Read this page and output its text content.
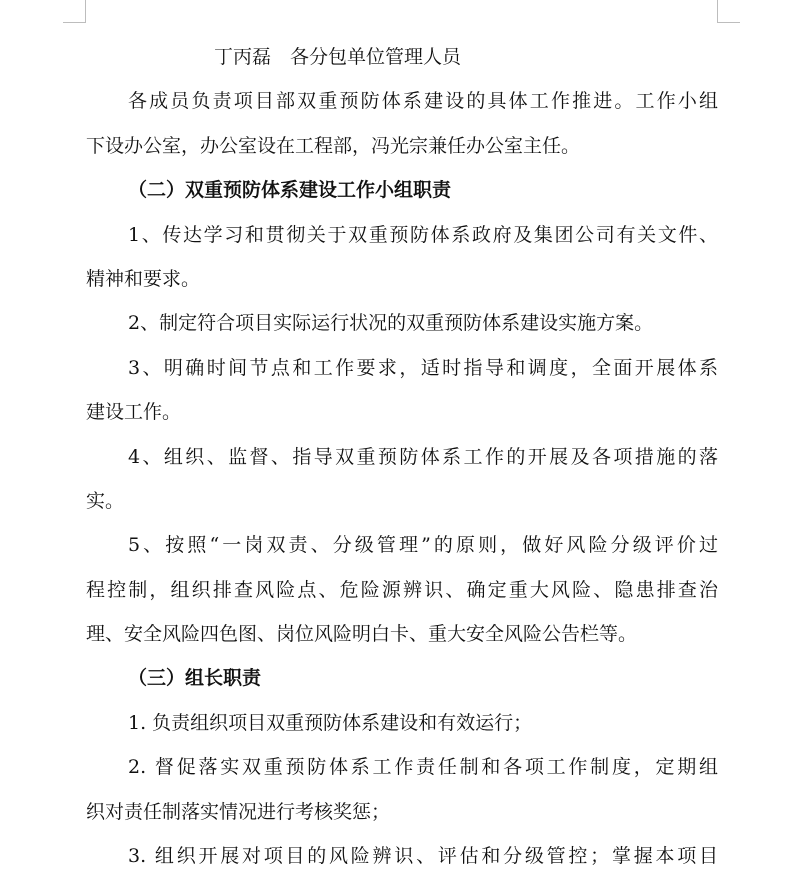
丁丙磊　各分包单位管理人员
各成员负责项目部双重预防体系建设的具体工作推进。工作小组
下设办公室，办公室设在工程部，冯光宗兼任办公室主任。
（二）双重预防体系建设工作小组职责
1、传达学习和贯彻关于双重预防体系政府及集团公司有关文件、
精神和要求。
2、制定符合项目实际运行状况的双重预防体系建设实施方案。
3、明确时间节点和工作要求，适时指导和调度，全面开展体系
建设工作。
4、组织、监督、指导双重预防体系工作的开展及各项措施的落
实。
5、按照“一岗双责、分级管理”的原则，做好风险分级评价过
程控制，组织排查风险点、危险源辨识、确定重大风险、隐患排查治
理、安全风险四色图、岗位风险明白卡、重大安全风险公告栏等。
（三）组长职责
1. 负责组织项目双重预防体系建设和有效运行；
2. 督促落实双重预防体系工作责任制和各项工作制度，定期组
织对责任制落实情况进行考核奖惩；
3. 组织开展对项目的风险辨识、评估和分级管控；掌握本项目
